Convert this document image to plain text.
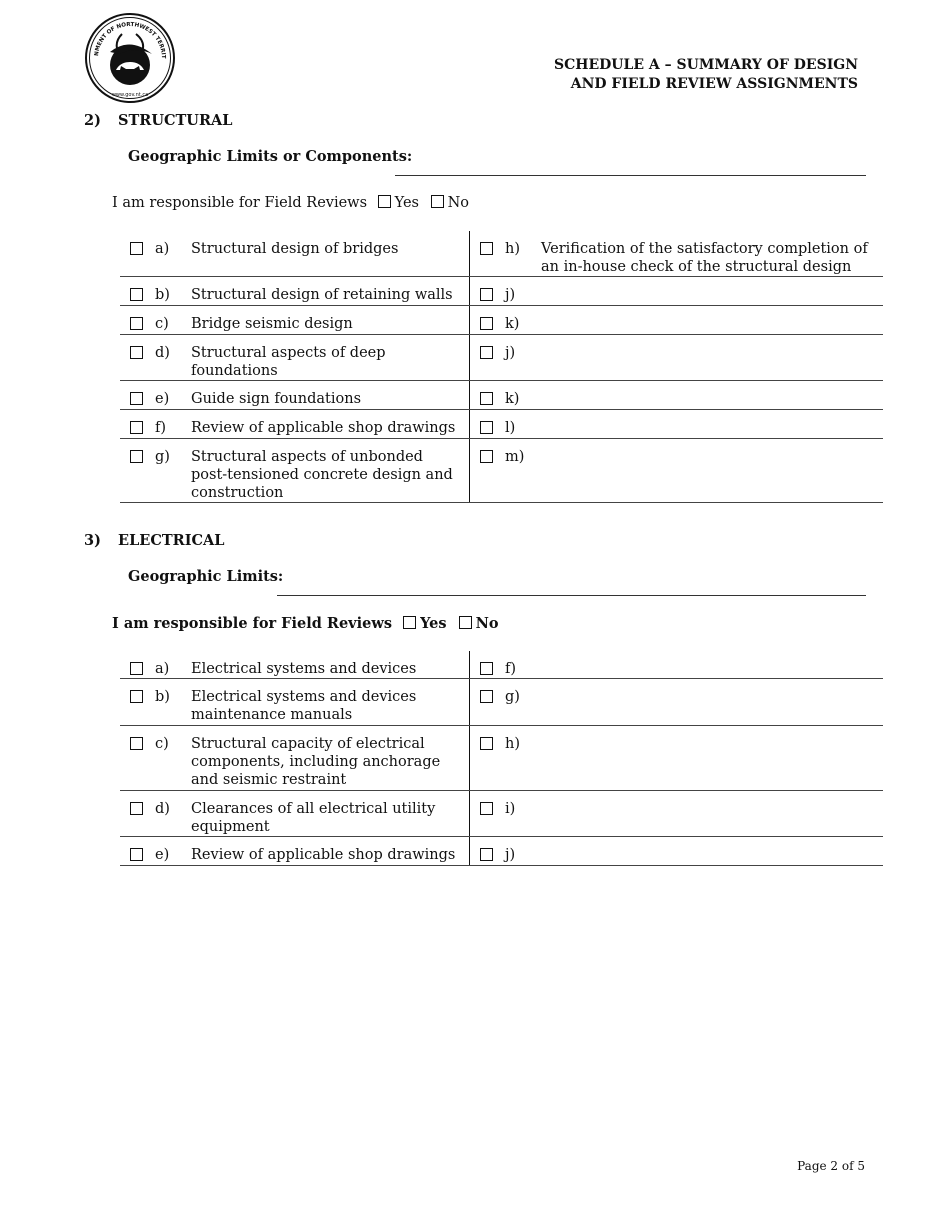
NMENT OF NORTHWEST TERRIT
www.gov.nt.ca
SCHEDULE A – SUMMARY OF DESIGN
AND FIELD REVIEW ASSIGNMENTS
2) STRUCTURAL
Geographic Limits or Components:
I am responsible for Field Reviews Yes No
a) Structural design of bridges	h) Verification of the satisfactory completion of an in-house check of the structural design

b) Structural design of retaining walls	j)

c) Bridge seismic design	k)

d) Structural aspects of deep foundations	j)

e) Guide sign foundations	k)

f) Review of applicable shop drawings	l)

g) Structural aspects of unbonded post-tensioned concrete design and construction	m)
3) ELECTRICAL
Geographic Limits:
I am responsible for Field Reviews Yes No
a) Electrical systems and devices	f)

b) Electrical systems and devices maintenance manuals	g)

c) Structural capacity of electrical components, including anchorage and seismic restraint	h)

d) Clearances of all electrical utility equipment	i)

e) Review of applicable shop drawings	j)
Page 2 of 5
